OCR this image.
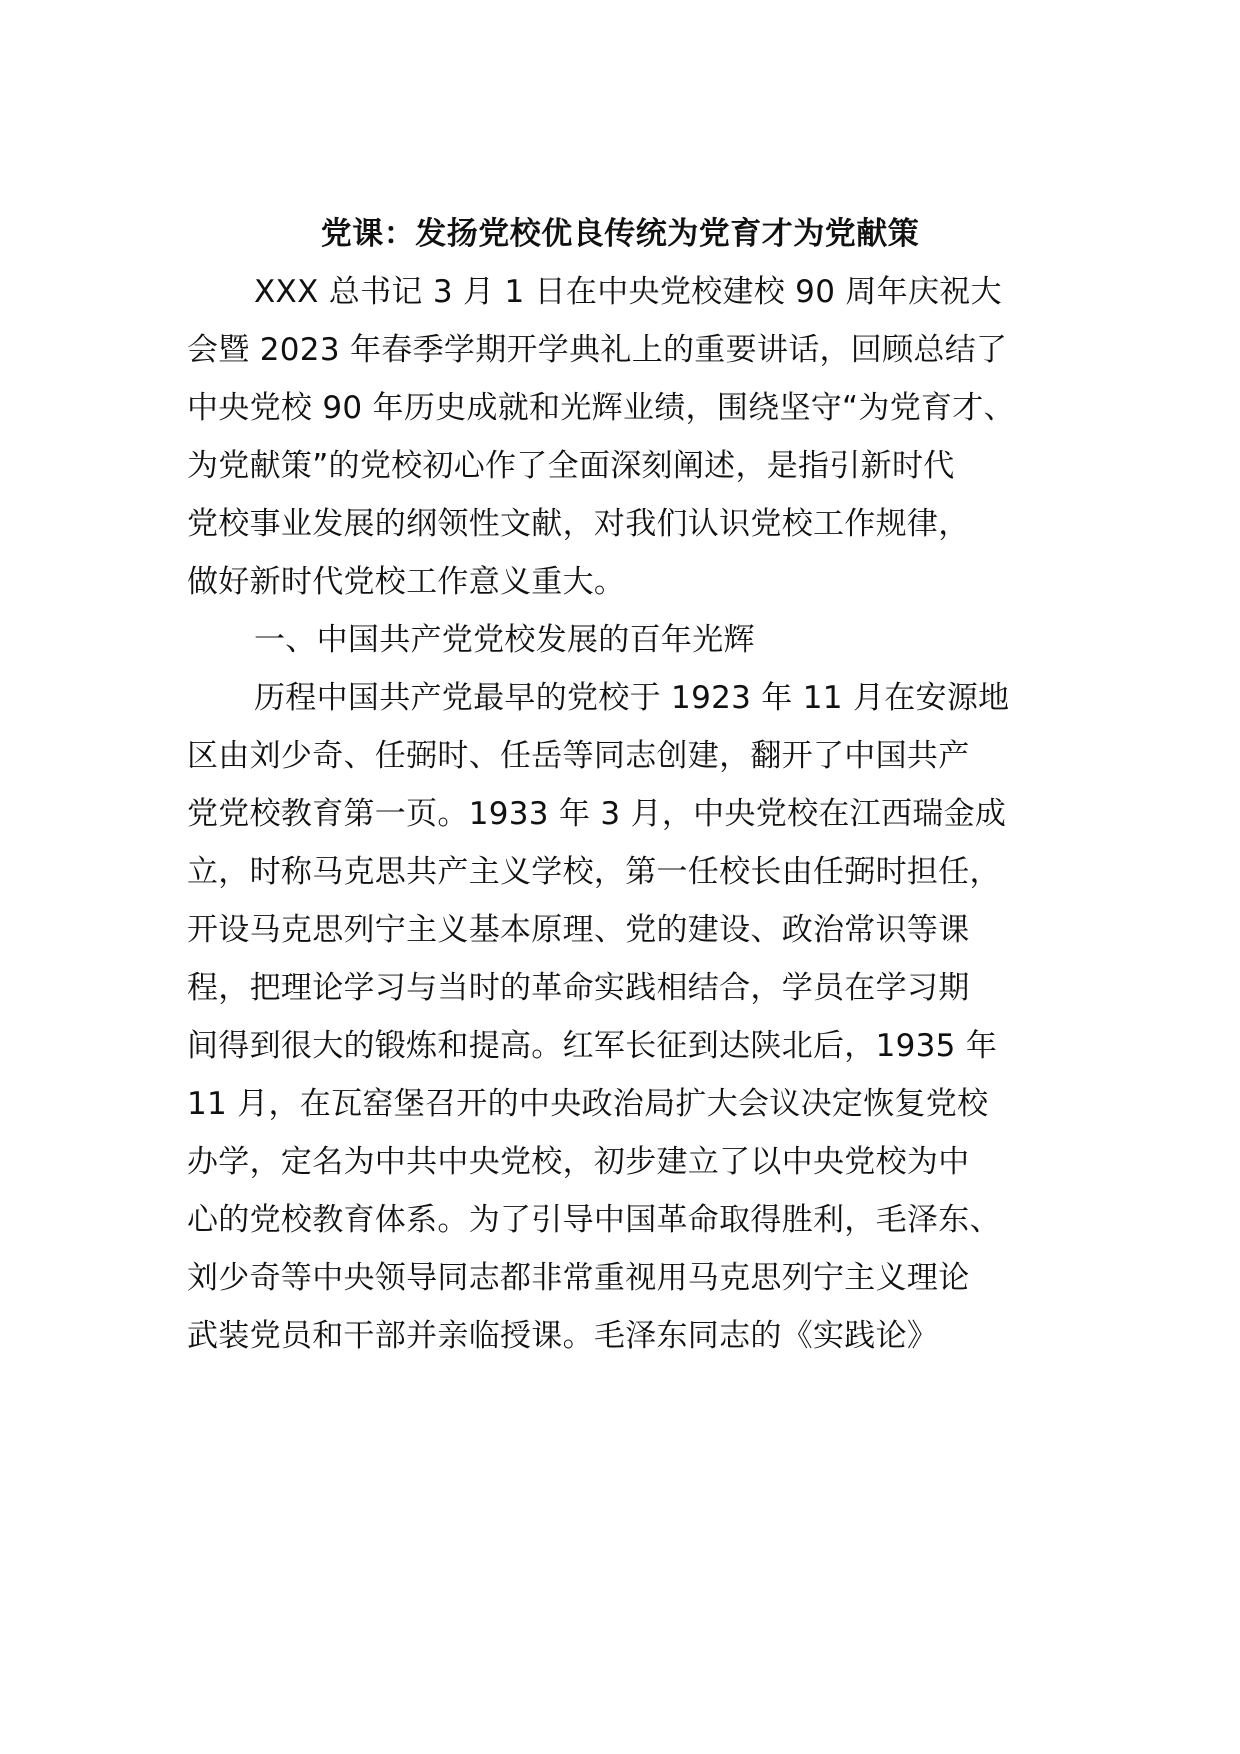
党课：发扬党校优良传统为党育才为党献策
XXX 总书记 3 月 1 日在中央党校建校 90 周年庆祝大
会暨 2023 年春季学期开学典礼上的重要讲话，回顾总结了
中央党校 90 年历史成就和光辉业绩，围绕坚守“为党育才、
为党献策”的党校初心作了全面深刻阐述，是指引新时代
党校事业发展的纲领性文献，对我们认识党校工作规律，
做好新时代党校工作意义重大。
一、中国共产党党校发展的百年光辉
历程中国共产党最早的党校于 1923 年 11 月在安源地
区由刘少奇、任弼时、任岳等同志创建，翻开了中国共产
党党校教育第一页。1933 年 3 月，中央党校在江西瑞金成
立，时称马克思共产主义学校，第一任校长由任弼时担任，
开设马克思列宁主义基本原理、党的建设、政治常识等课
程，把理论学习与当时的革命实践相结合，学员在学习期
间得到很大的锻炼和提高。红军长征到达陕北后，1935 年
11 月，在瓦窑堡召开的中央政治局扩大会议决定恢复党校
办学，定名为中共中央党校，初步建立了以中央党校为中
心的党校教育体系。为了引导中国革命取得胜利，毛泽东、
刘少奇等中央领导同志都非常重视用马克思列宁主义理论
武装党员和干部并亲临授课。毛泽东同志的《实践论》
